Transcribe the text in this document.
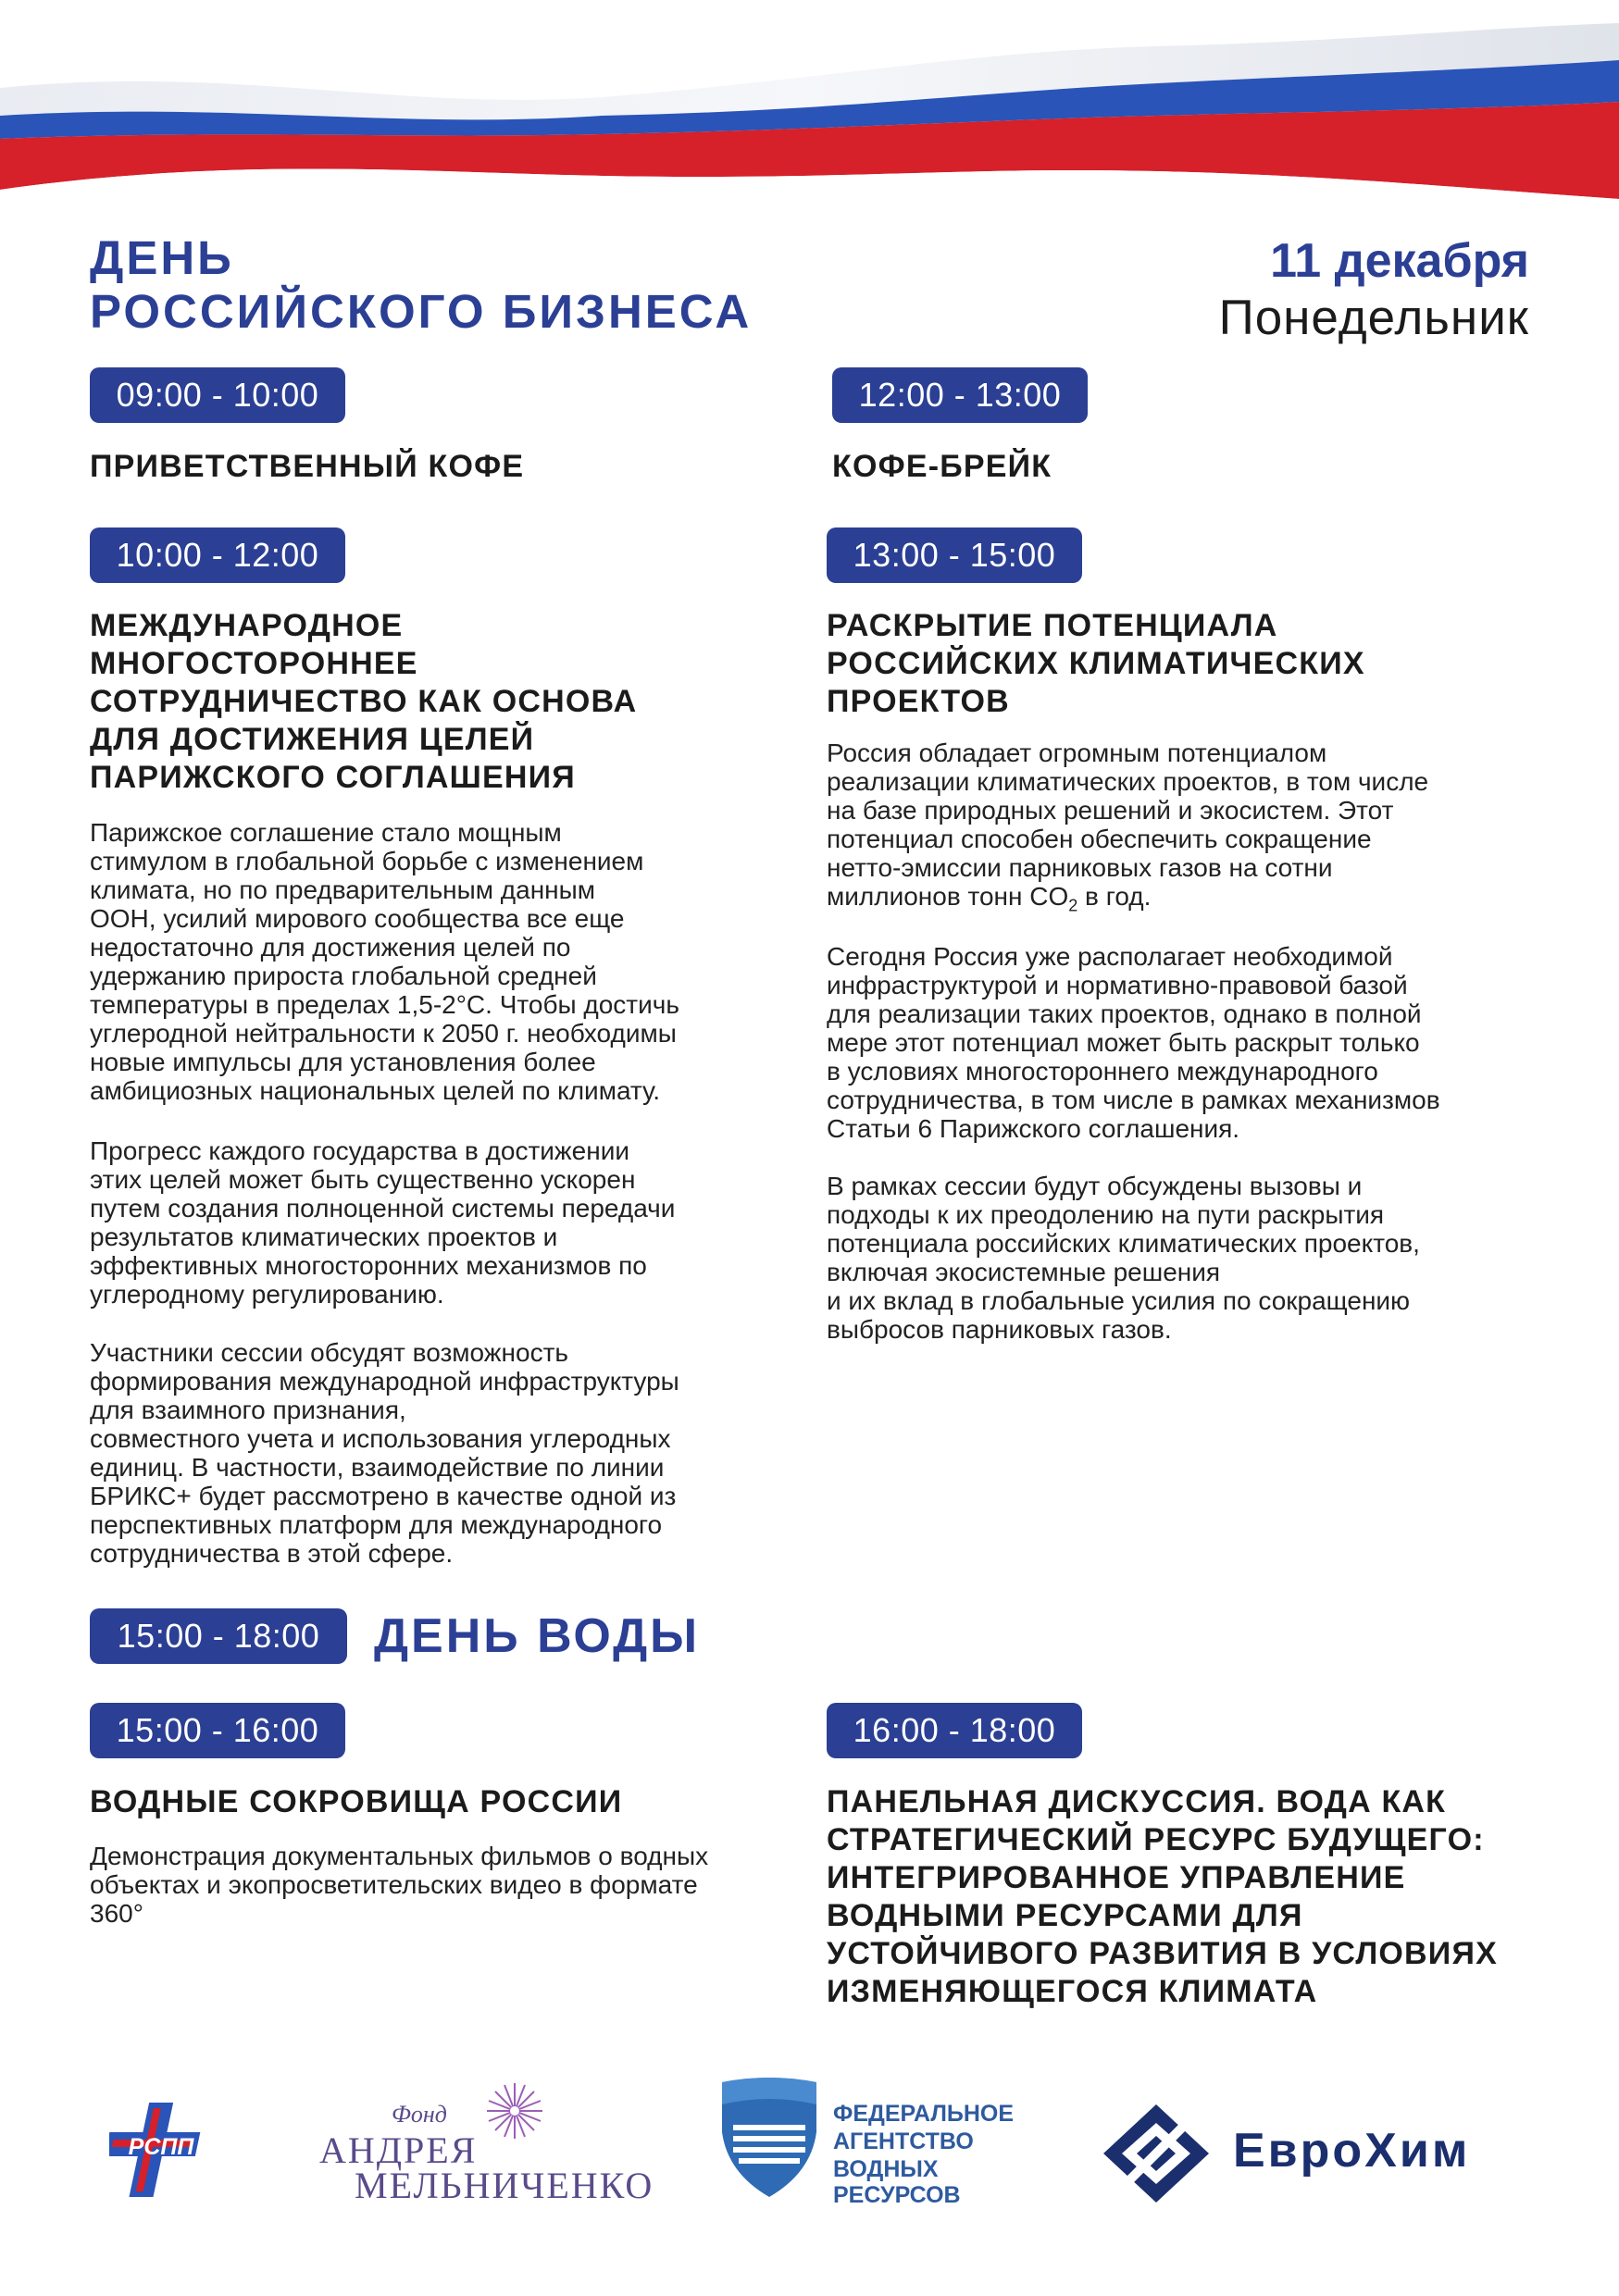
ДЕНЬ
РОССИЙСКОГО БИЗНЕСА
11 декабря
Понедельник
09:00 - 10:00
ПРИВЕТСТВЕННЫЙ КОФЕ
12:00 - 13:00
КОФЕ-БРЕЙК
10:00 - 12:00
МЕЖДУНАРОДНОЕ
МНОГОСТОРОННЕЕ
СОТРУДНИЧЕСТВО КАК ОСНОВА
ДЛЯ ДОСТИЖЕНИЯ ЦЕЛЕЙ
ПАРИЖСКОГО СОГЛАШЕНИЯ

Парижское соглашение стало мощным
стимулом в глобальной борьбе с изменением
климата, но по предварительным данным
ООН, усилий мирового сообщества все еще
недостаточно для достижения целей по
удержанию прироста глобальной средней
температуры в пределах 1,5-2°С. Чтобы достичь
углеродной нейтральности к 2050 г. необходимы
новые импульсы для установления более
амбициозных национальных целей по климату.

Прогресс каждого государства в достижении
этих целей может быть существенно ускорен
путем создания полноценной системы передачи
результатов климатических проектов и
эффективных многосторонних механизмов по
углеродному регулированию.

Участники сессии обсудят возможность
формирования международной инфраструктуры
для взаимного признания,
совместного учета и использования углеродных
единиц. В частности, взаимодействие по линии
БРИКС+ будет рассмотрено в качестве одной из
перспективных платформ для международного
сотрудничества в этой сфере.

13:00 - 15:00
РАСКРЫТИЕ ПОТЕНЦИАЛА
РОССИЙСКИХ КЛИМАТИЧЕСКИХ
ПРОЕКТОВ

Россия обладает огромным потенциалом
реализации климатических проектов, в том числе
на базе природных решений и экосистем. Этот
потенциал способен обеспечить сокращение
нетто-эмиссии парниковых газов на сотни
миллионов тонн $CO_2$ в год.

Сегодня Россия уже располагает необходимой
инфраструктурой и нормативно-правовой базой
для реализации таких проектов, однако в полной
мере этот потенциал может быть раскрыт только
в условиях многостороннего международного
сотрудничества, в том числе в рамках механизмов
Статьи 6 Парижского соглашения.

В рамках сессии будут обсуждены вызовы и
подходы к их преодолению на пути раскрытия
потенциала российских климатических проектов,
включая экосистемные решения
и их вклад в глобальные усилия по сокращению
выбросов парниковых газов.

15:00 - 18:00	ДЕНЬ ВОДЫ
15:00 - 16:00
ВОДНЫЕ СОКРОВИЩА РОССИИ

Демонстрация документальных фильмов о водных
объектах и экопросветительских видео в формате
360°

16:00 - 18:00
ПАНЕЛЬНАЯ ДИСКУССИЯ. ВОДА КАК
СТРАТЕГИЧЕСКИЙ РЕСУРС БУДУЩЕГО:
ИНТЕГРИРОВАННОЕ УПРАВЛЕНИЕ
ВОДНЫМИ РЕСУРСАМИ ДЛЯ
УСТОЙЧИВОГО РАЗВИТИЯ В УСЛОВИЯХ
ИЗМЕНЯЮЩЕГОСЯ КЛИМАТА
РСПП
Фонд
АНДРЕЯ
МЕЛЬНИЧЕНКО
ФЕДЕРАЛЬНОЕ
АГЕНТСТВО
ВОДНЫХ РЕСУРСОВ
ЕвроХим
